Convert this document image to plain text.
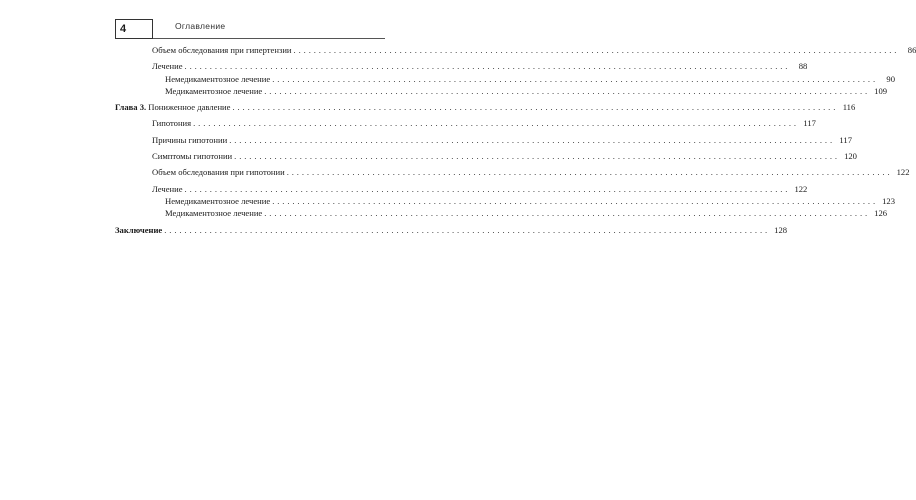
4	Оглавление
Объем обследования при гипертензии ........................................................................................................................ 86
Лечение ........................................................................................................................ 88
Немедикаментозное лечение ........................................................................................................................ 90
Медикаментозное лечение ........................................................................................................................ 109
Глава 3. Пониженное давление ........................................................................................................................ 116
Гипотония ........................................................................................................................ 117
Причины гипотонии ........................................................................................................................ 117
Симптомы гипотонии ........................................................................................................................ 120
Объем обследования при гипотонии ........................................................................................................................ 122
Лечение ........................................................................................................................ 122
Немедикаментозное лечение ........................................................................................................................ 123
Медикаментозное лечение ........................................................................................................................ 126
Заключение ........................................................................................................................ 128
